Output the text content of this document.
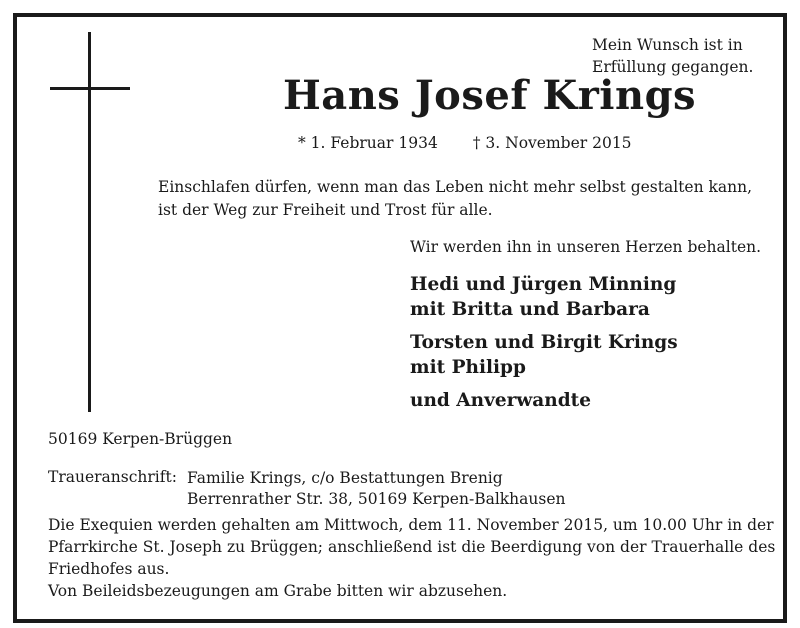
Mein Wunsch ist in
Erfüllung gegangen.
Hans Josef Krings
* 1. Februar 1934 † 3. November 2015
Einschlafen dürfen, wenn man das Leben nicht mehr selbst gestalten kann,
ist der Weg zur Freiheit und Trost für alle.
Wir werden ihn in unseren Herzen behalten.
Hedi und Jürgen Minning
mit Britta und Barbara
Torsten und Birgit Krings
mit Philipp
und Anverwandte
50169 Kerpen-Brüggen
Traueranschrift: Familie Krings, c/o Bestattungen Brenig
Berrenrather Str. 38, 50169 Kerpen-Balkhausen
Die Exequien werden gehalten am Mittwoch, dem 11. November 2015, um 10.00 Uhr in der
Pfarrkirche St. Joseph zu Brüggen; anschließend ist die Beerdigung von der Trauerhalle des
Friedhofes aus.
Von Beileidsbezeugungen am Grabe bitten wir abzusehen.
